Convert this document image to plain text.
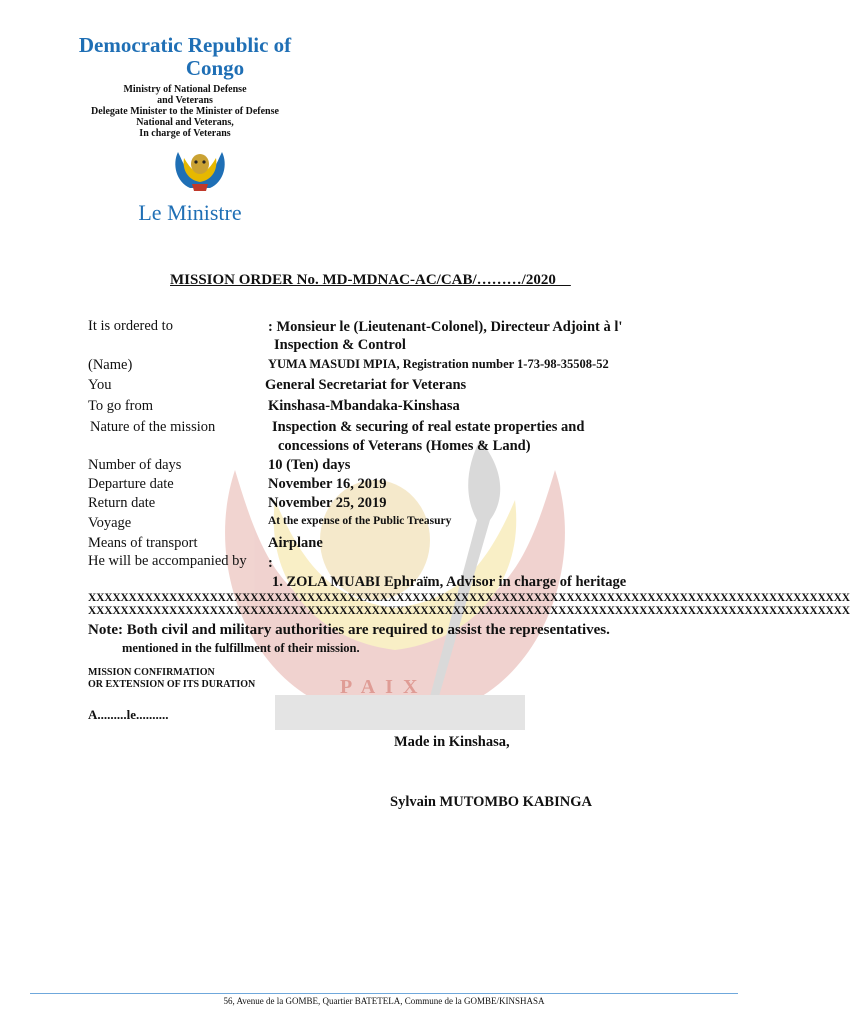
Democratic Republic of
Congo
Ministry of National Defense
and Veterans
Delegate Minister to the Minister of Defense
National and Veterans,
In charge of Veterans
Le Ministre
PAIX
MISSION ORDER No. MD-MDNAC-AC/CAB/………/2020
It is ordered to	: Monsieur le (Lieutenant-Colonel), Directeur Adjoint à l'
Inspection & Control
(Name)	YUMA MASUDI MPIA, Registration number 1-73-98-35508-52
You	General Secretariat for Veterans
To go from	Kinshasa-Mbandaka-Kinshasa
Nature of the mission	Inspection & securing of real estate properties and
concessions of Veterans (Homes & Land)
Number of days	10 (Ten) days
Departure date	November 16, 2019
Return date	November 25, 2019
Voyage	At the expense of the Public Treasury
Means of transport	Airplane
He will be accompanied by :
1. ZOLA MUABI Ephraïm, Advisor in charge of heritage
XXXXXXXXXXXXXXXXXXXXXXXXXXXXXXXXXXXXXXXXXXXXXXXXXXXXXXXXXXXXXXXXXXXXXXXXXXXXXXXXXXXXXXXXXXXXXX
XXXXXXXXXXXXXXXXXXXXXXXXXXXXXXXXXXXXXXXXXXXXXXXXXXXXXXXXXXXXXXXXXXXXXXXXXXXXXXXXXXXXXXXXXXXXXX
Note: Both civil and military authorities are required to assist the representatives.
mentioned in the fulfillment of their mission.
MISSION CONFIRMATION
OR EXTENSION OF ITS DURATION
A.........le..........
Made in Kinshasa,
Sylvain MUTOMBO KABINGA
56, Avenue de la GOMBE, Quartier BATETELA, Commune de la GOMBE/KINSHASA
